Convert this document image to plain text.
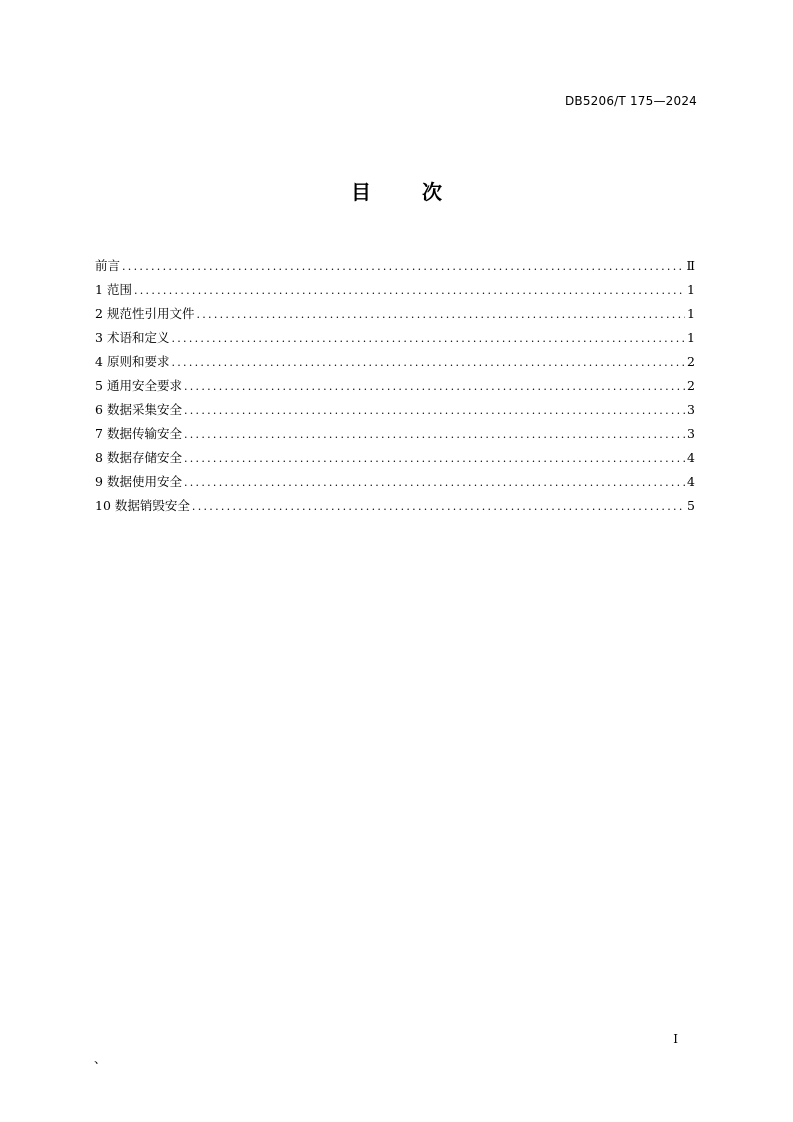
DB5206/T 175—2024
目 次
前言 .....	Ⅱ
1 范围 .....	1
2 规范性引用文件 .....	1
3 术语和定义 .....	1
4 原则和要求 .....	2
5 通用安全要求 .....	2
6 数据采集安全 .....	3
7 数据传输安全 .....	3
8 数据存储安全 .....	4
9 数据使用安全 .....	4
10 数据销毁安全 .....	5
I
、
